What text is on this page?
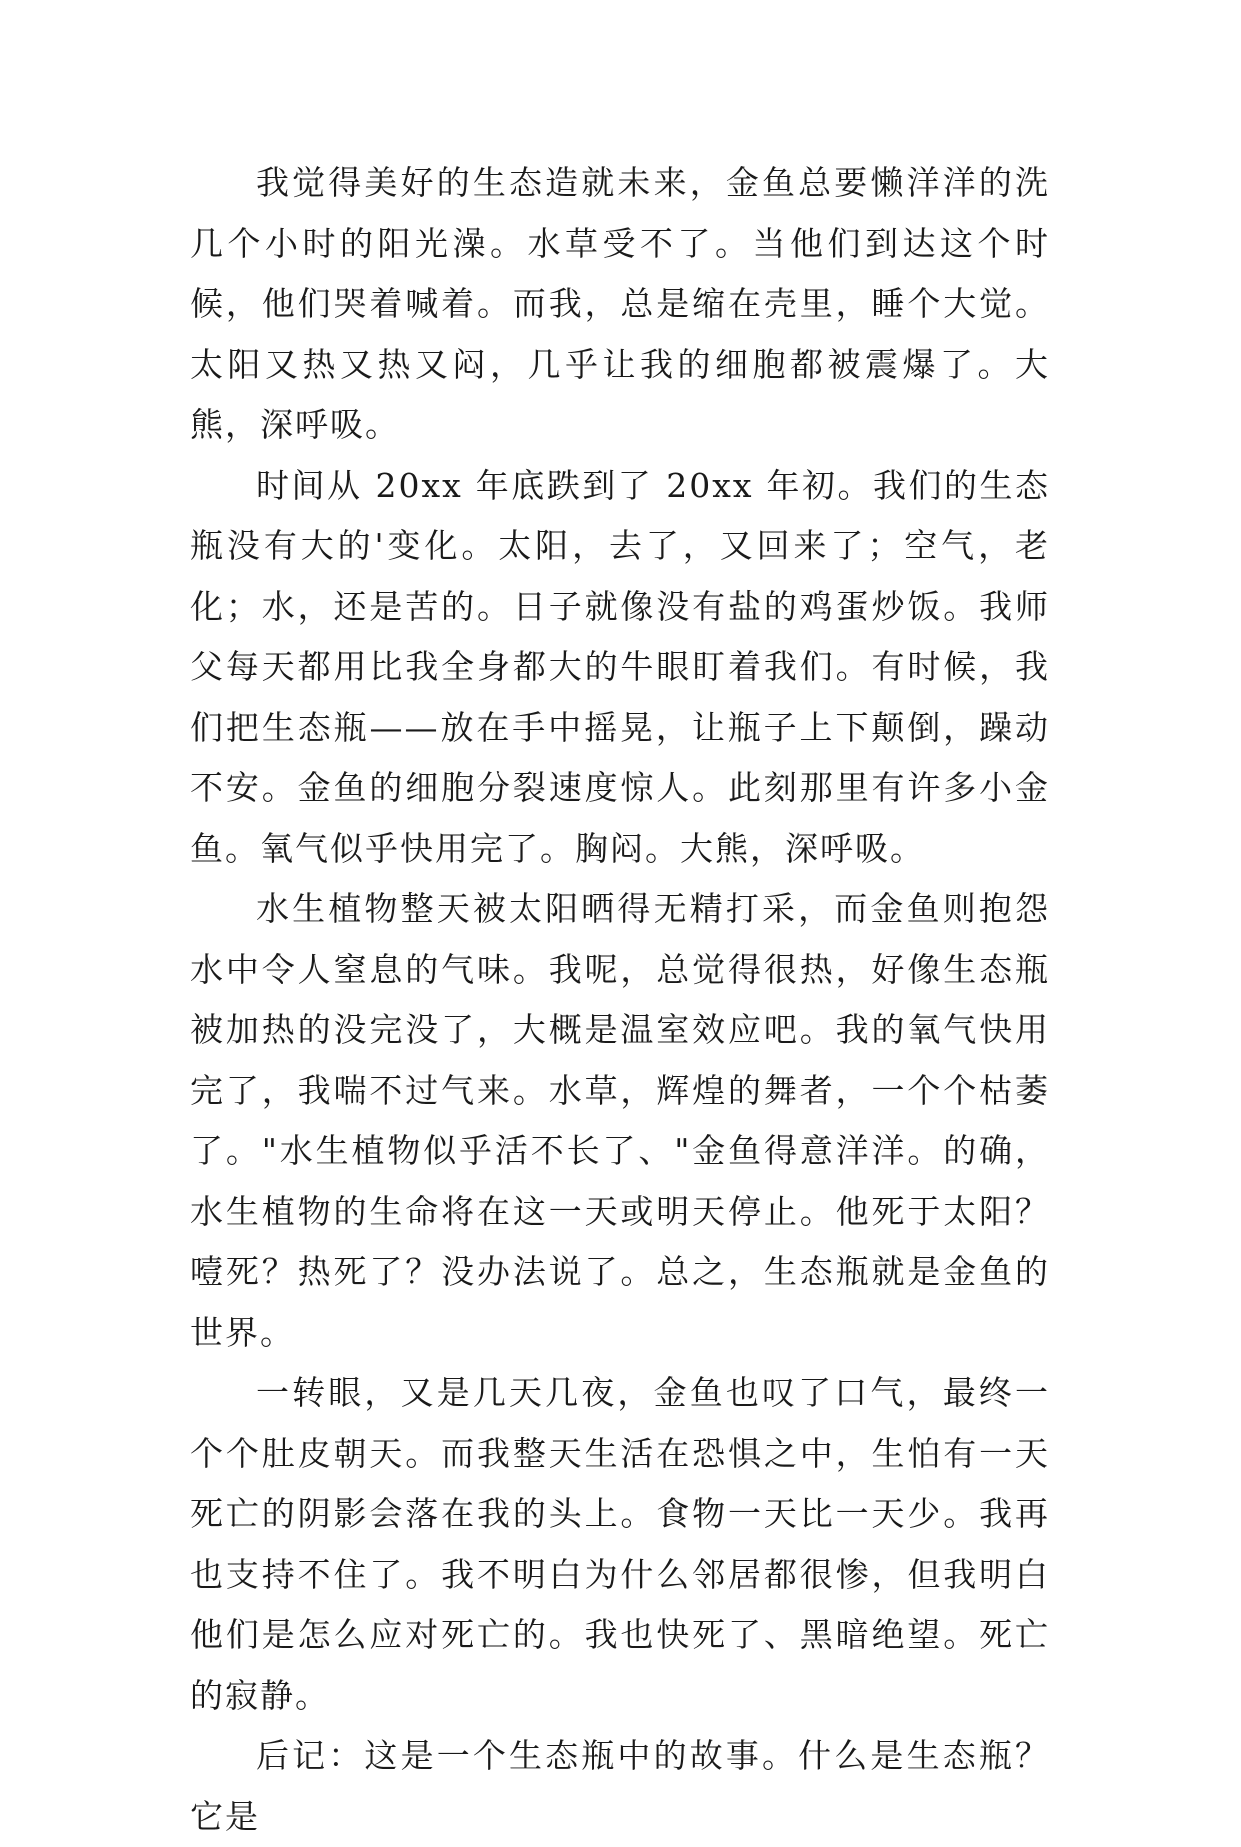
我觉得美好的生态造就未来，金鱼总要懒洋洋的洗几个小时的阳光澡。水草受不了。当他们到达这个时候，他们哭着喊着。而我，总是缩在壳里，睡个大觉。太阳又热又热又闷，几乎让我的细胞都被震爆了。大熊，深呼吸。

时间从 20xx 年底跌到了 20xx 年初。我们的生态瓶没有大的'变化。太阳，去了，又回来了；空气，老化；水，还是苦的。日子就像没有盐的鸡蛋炒饭。我师父每天都用比我全身都大的牛眼盯着我们。有时候，我们把生态瓶——放在手中摇晃，让瓶子上下颠倒，躁动不安。金鱼的细胞分裂速度惊人。此刻那里有许多小金鱼。氧气似乎快用完了。胸闷。大熊，深呼吸。

水生植物整天被太阳晒得无精打采，而金鱼则抱怨水中令人窒息的气味。我呢，总觉得很热，好像生态瓶被加热的没完没了，大概是温室效应吧。我的氧气快用完了，我喘不过气来。水草，辉煌的舞者，一个个枯萎了。"水生植物似乎活不长了、"金鱼得意洋洋。的确，水生植物的生命将在这一天或明天停止。他死于太阳？噎死？热死了？没办法说了。总之，生态瓶就是金鱼的世界。

一转眼，又是几天几夜，金鱼也叹了口气，最终一个个肚皮朝天。而我整天生活在恐惧之中，生怕有一天死亡的阴影会落在我的头上。食物一天比一天少。我再也支持不住了。我不明白为什么邻居都很惨，但我明白他们是怎么应对死亡的。我也快死了、黑暗绝望。死亡的寂静。

后记：这是一个生态瓶中的故事。什么是生态瓶？它是
